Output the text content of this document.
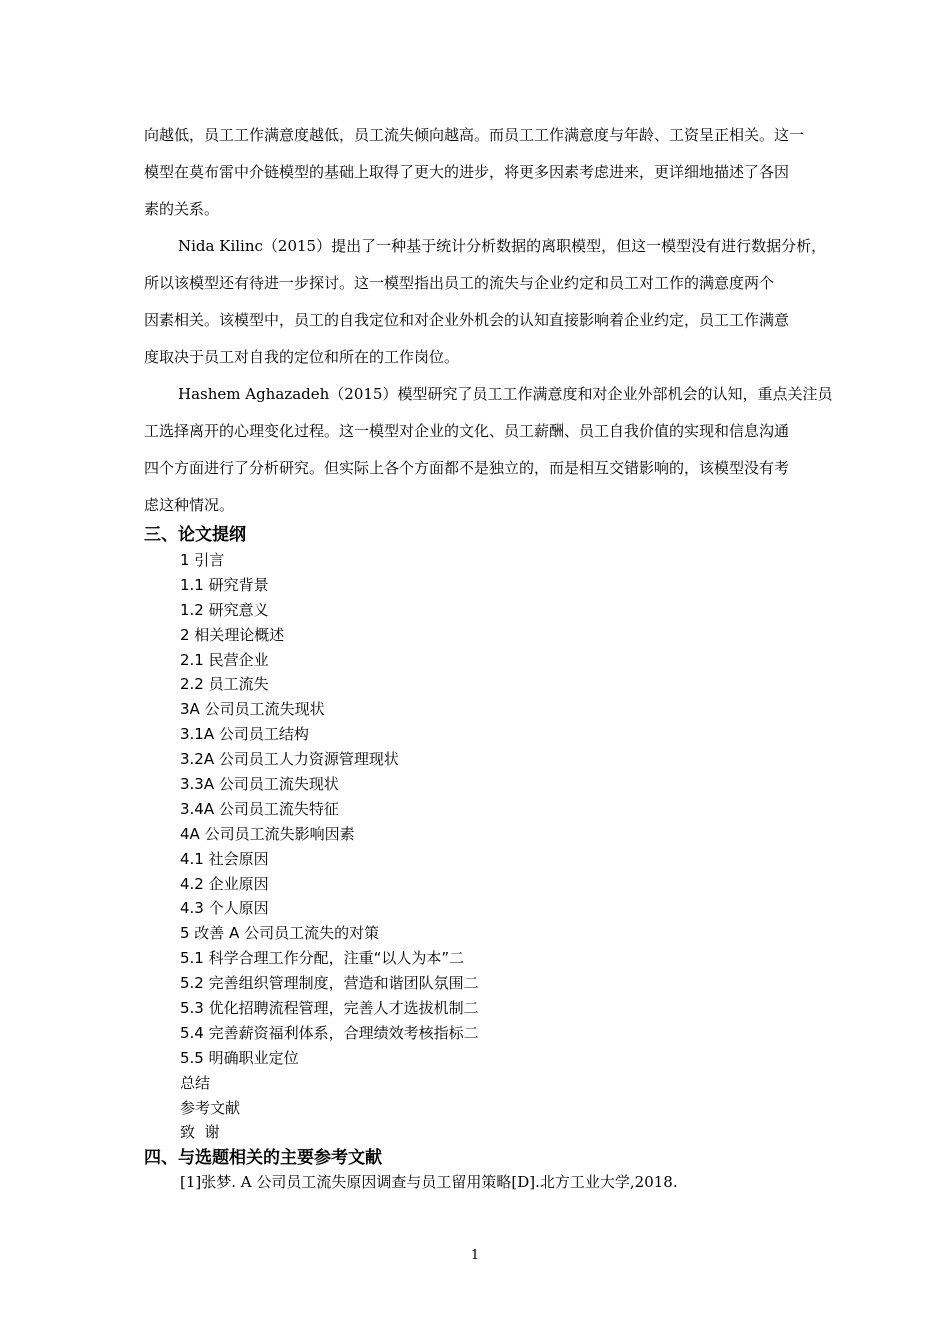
向越低，员工工作满意度越低，员工流失倾向越高。而员工工作满意度与年龄、工资呈正相关。这一
模型在莫布雷中介链模型的基础上取得了更大的进步，将更多因素考虑进来，更详细地描述了各因
素的关系。
Nida Kilinc（2015）提出了一种基于统计分析数据的离职模型，但这一模型没有进行数据分析，
所以该模型还有待进一步探讨。这一模型指出员工的流失与企业约定和员工对工作的满意度两个
因素相关。该模型中，员工的自我定位和对企业外机会的认知直接影响着企业约定，员工工作满意
度取决于员工对自我的定位和所在的工作岗位。
Hashem Aghazadeh（2015）模型研究了员工工作满意度和对企业外部机会的认知，重点关注员
工选择离开的心理变化过程。这一模型对企业的文化、员工薪酬、员工自我价值的实现和信息沟通
四个方面进行了分析研究。但实际上各个方面都不是独立的，而是相互交错影响的，该模型没有考
虑这种情况。
三、论文提纲
1 引言
1.1 研究背景
1.2 研究意义
2 相关理论概述
2.1 民营企业
2.2 员工流失
3A 公司员工流失现状
3.1A 公司员工结构
3.2A 公司员工人力资源管理现状
3.3A 公司员工流失现状
3.4A 公司员工流失特征
4A 公司员工流失影响因素
4.1 社会原因
4.2 企业原因
4.3 个人原因
5 改善 A 公司员工流失的对策
5.1 科学合理工作分配，注重“以人为本”二
5.2 完善组织管理制度，营造和谐团队氛围二
5.3 优化招聘流程管理，完善人才选拔机制二
5.4 完善薪资福利体系，合理绩效考核指标二
5.5 明确职业定位
总结
参考文献
致  谢
四、与选题相关的主要参考文献

[1]张梦. A 公司员工流失原因调查与员工留用策略[D].北方工业大学,2018.

1
